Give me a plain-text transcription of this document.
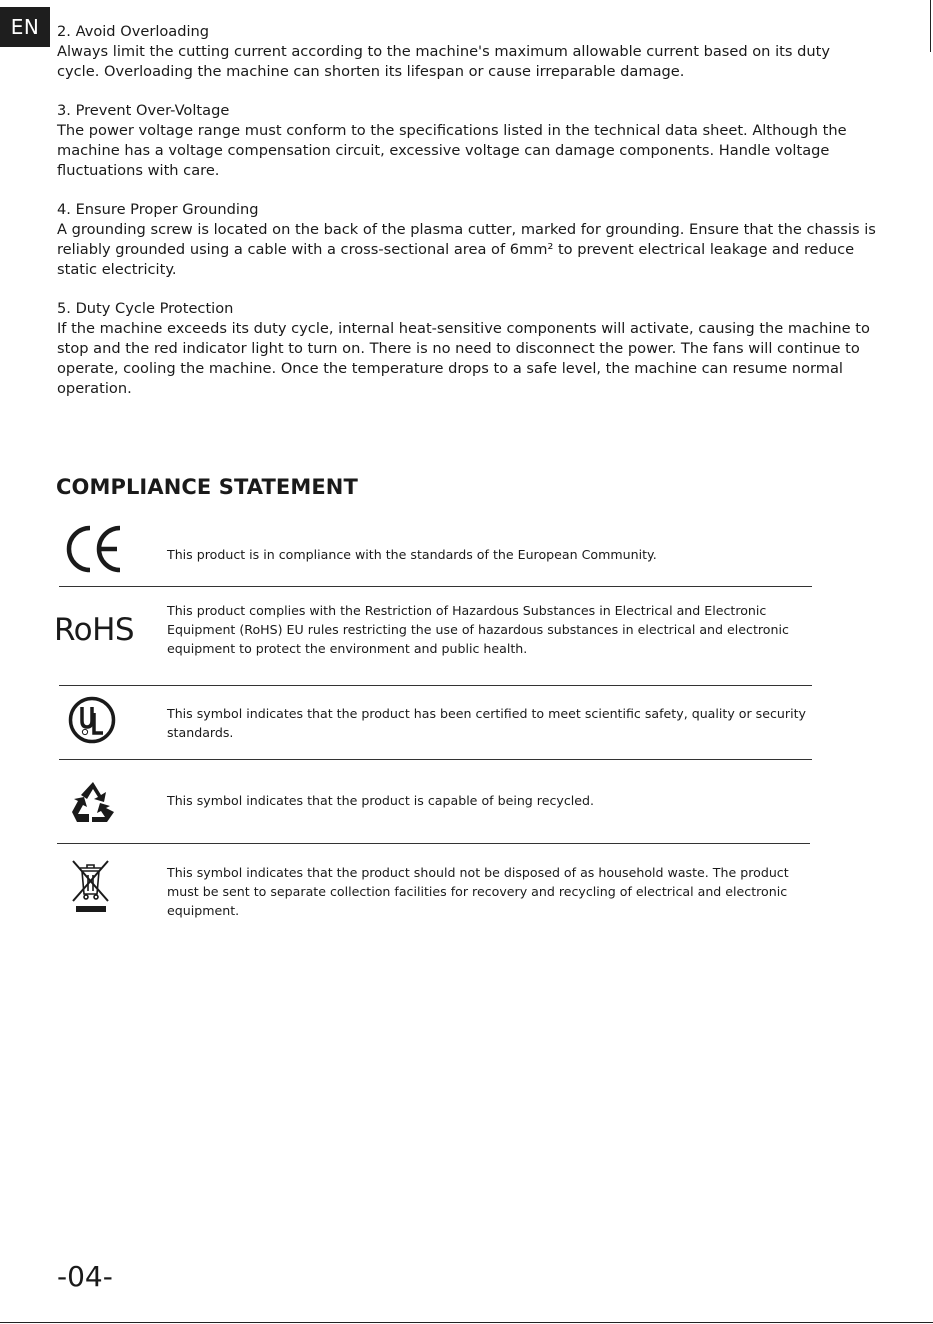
EN	2. Avoid Overloading

Always limit the cutting current according to the machine's maximum allowable current based on its duty

cycle. Overloading the machine can shorten its lifespan or cause irreparable damage.

3. Prevent Over-Voltage

The power voltage range must conform to the specifications listed in the technical data sheet. Although the

machine has a voltage compensation circuit, excessive voltage can damage components. Handle voltage

fluctuations with care.

4. Ensure Proper Grounding

A grounding screw is located on the back of the plasma cutter, marked for grounding. Ensure that the chassis is

reliably grounded using a cable with a cross-sectional area of 6mm² to prevent electrical leakage and reduce

static electricity.

5. Duty Cycle Protection

If the machine exceeds its duty cycle, internal heat-sensitive components will activate, causing the machine to

stop and the red indicator light to turn on. There is no need to disconnect the power. The fans will continue to

operate, cooling the machine. Once the temperature drops to a safe level, the machine can resume normal

operation.

COMPLIANCE STATEMENT

This product is in compliance with the standards of the European Community.

RoHS

This product complies with the Restriction of Hazardous Substances in Electrical and Electronic

Equipment (RoHS) EU rules restricting the use of hazardous substances in electrical and electronic

equipment to protect the environment and public health.

This symbol indicates that the product has been certified to meet scientific safety, quality or security

standards.

This symbol indicates that the product is capable of being recycled.

This symbol indicates that the product should not be disposed of as household waste. The product

must be sent to separate collection facilities for recovery and recycling of electrical and electronic

equipment.

-04-
